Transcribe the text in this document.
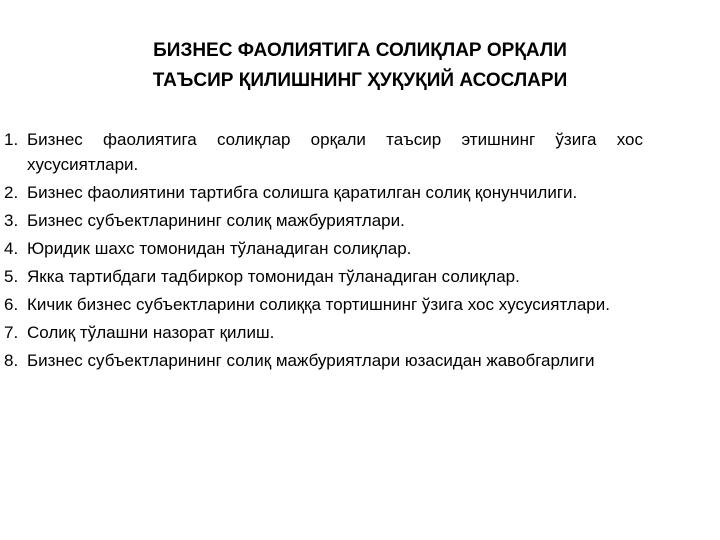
БИЗНЕС ФАОЛИЯТИГА СОЛИҚЛАР ОРҚАЛИ
ТАЪСИР ҚИЛИШНИНГ ҲУҚУҚИЙ АСОСЛАРИ
1. Бизнес фаолиятига солиқлар орқали таъсир этишнинг ўзига хос хусусиятлари.
2. Бизнес фаолиятини тартибга солишга қаратилган солиқ қонунчилиги.
3. Бизнес субъектларининг солиқ мажбуриятлари.
4. Юридик шахс томонидан тўланадиган солиқлар.
5. Якка тартибдаги тадбиркор томонидан тўланадиган солиқлар.
6. Кичик бизнес субъектларини солиққа тортишнинг ўзига хос хусусиятлари.
7. Солиқ тўлашни назорат қилиш.
8. Бизнес субъектларининг солиқ мажбуриятлари юзасидан жавобгарлиги
